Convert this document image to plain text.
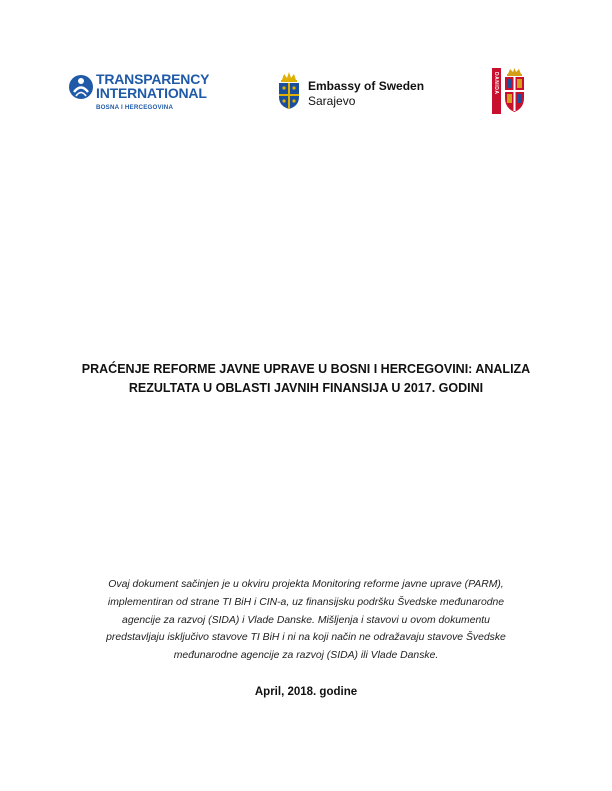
TRANSPARENCY
INTERNATIONAL
BOSNA I HERCEGOVINA
Embassy of Sweden
Sarajevo
DANIDA
PRAĆENJE REFORME JAVNE UPRAVE U BOSNI I HERCEGOVINI: ANALIZA
REZULTATA U OBLASTI JAVNIH FINANSIJA U 2017. GODINI
Ovaj dokument sačinjen je u okviru projekta Monitoring reforme javne uprave (PARM),
implementiran od strane TI BiH i CIN-a, uz finansijsku podršku Švedske međunarodne
agencije za razvoj (SIDA) i Vlade Danske. Mišljenja i stavovi u ovom dokumentu
predstavljaju isključivo stavove TI BiH i ni na koji način ne odražavaju stavove Švedske
međunarodne agencije za razvoj (SIDA) ili Vlade Danske.
April, 2018. godine
